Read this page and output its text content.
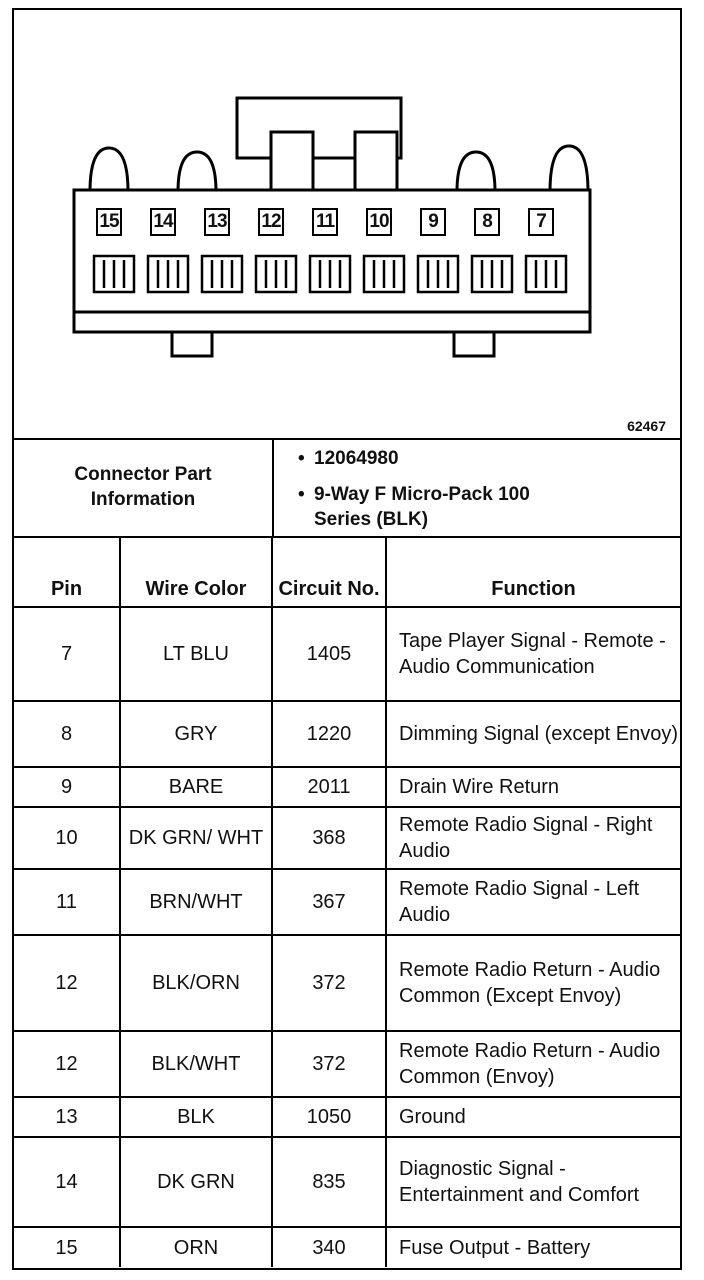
62467
15 14 13 12 11 10	9	8	7
Connector Part Information
• 12064980
• 9-Way F Micro-Pack 100 Series (BLK)
Pin	Wire Color	Circuit No.	Function
7	LT BLU	1405	Tape Player Signal - Remote - Audio Communication
8	GRY	1220	Dimming Signal (except Envoy)
9	BARE	2011	Drain Wire Return
10	DK GRN/ WHT	368	Remote Radio Signal - Right Audio
11	BRN/WHT	367	Remote Radio Signal - Left Audio
12	BLK/ORN	372	Remote Radio Return - Audio Common (Except Envoy)
12	BLK/WHT	372	Remote Radio Return - Audio Common (Envoy)
13	BLK	1050	Ground
14	DK GRN	835	Diagnostic Signal - Entertainment and Comfort
15	ORN	340	Fuse Output - Battery
